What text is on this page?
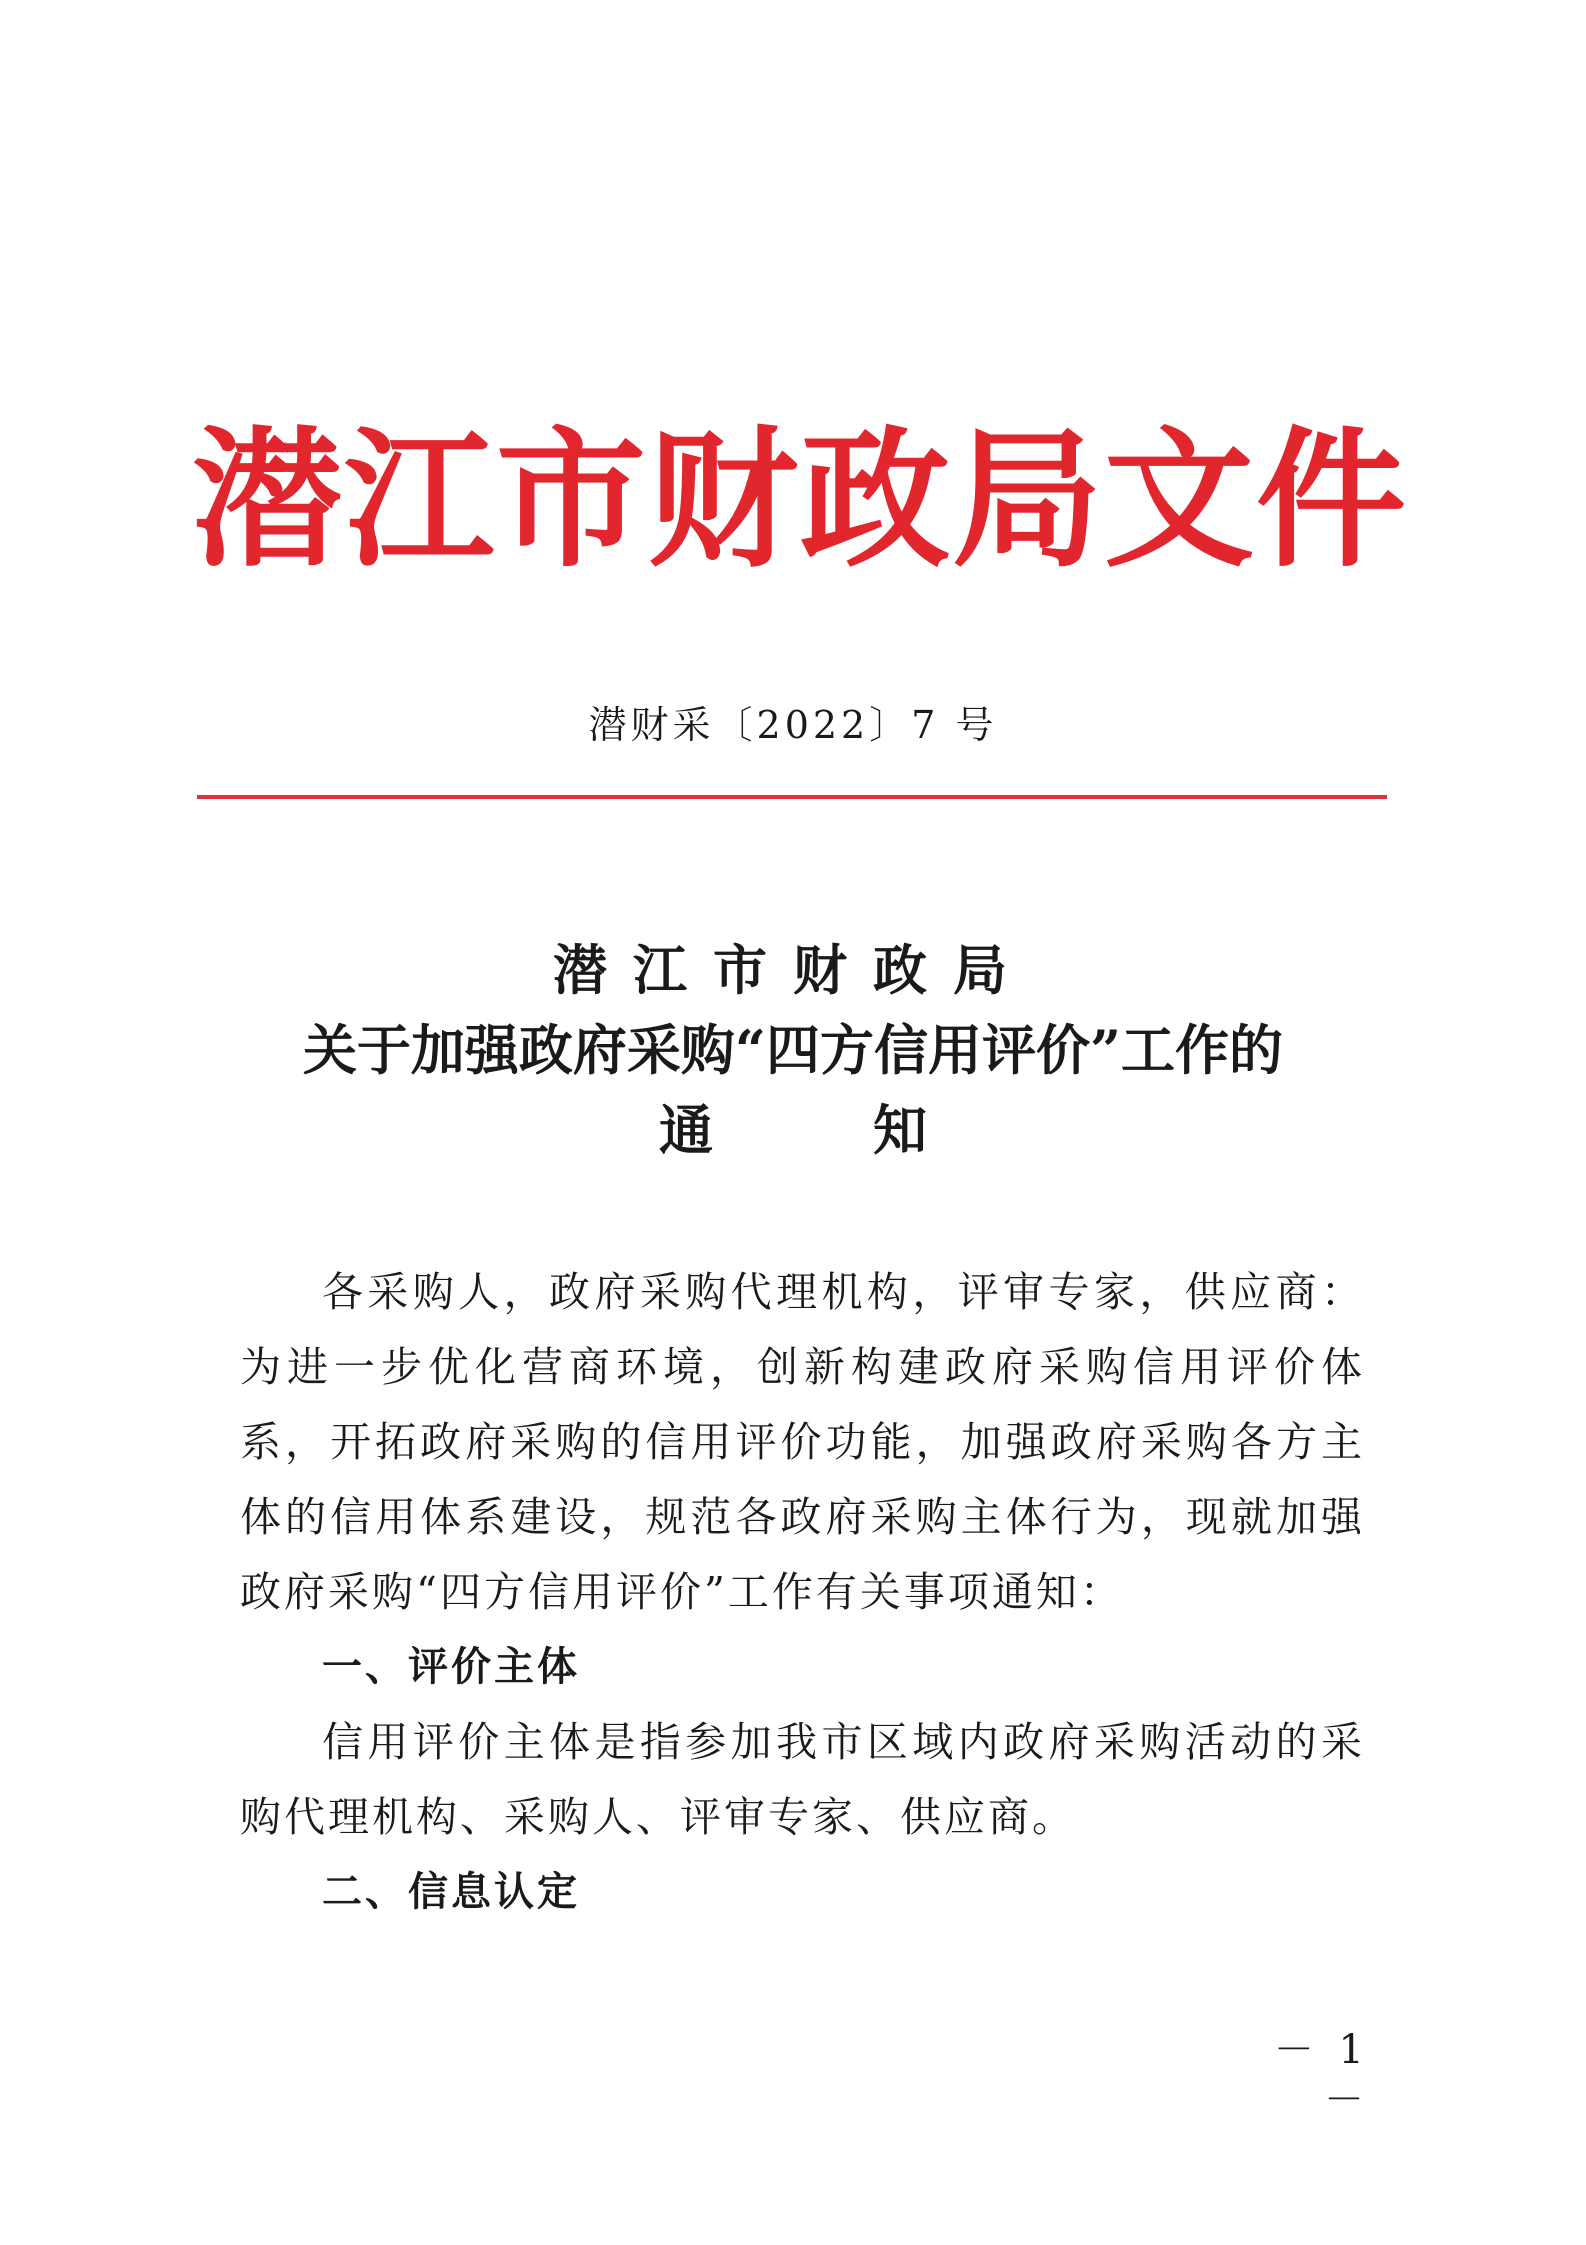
潜江市财政局文件
潜财采〔2022〕7 号
潜江市财政局
关于加强政府采购“四方信用评价”工作的
通知

各采购人，政府采购代理机构，评审专家，供应商：为进一步优化营商环境，创新构建政府采购信用评价体系，开拓政府采购的信用评价功能，加强政府采购各方主体的信用体系建设，规范各政府采购主体行为，现就加强政府采购“四方信用评价”工作有关事项通知：

一、评价主体

信用评价主体是指参加我市区域内政府采购活动的采购代理机构、采购人、评审专家、供应商。

二、信息认定

－ 1 －
